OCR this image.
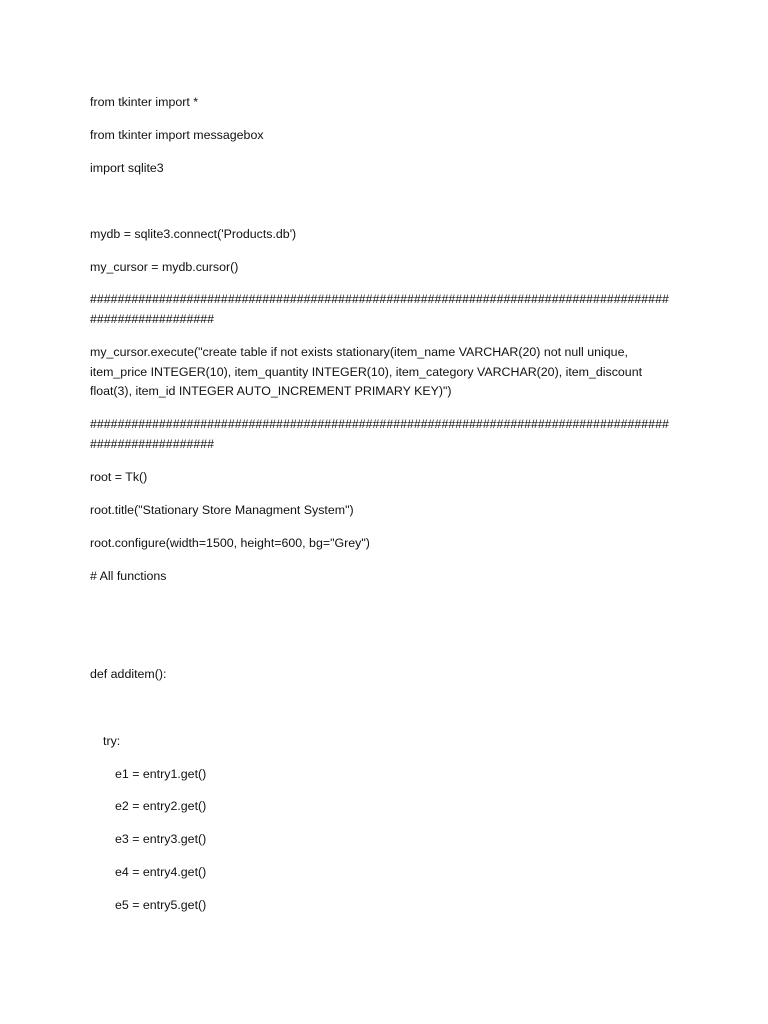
from tkinter import *
from tkinter import messagebox
import sqlite3
mydb = sqlite3.connect('Products.db')
my_cursor = mydb.cursor()
######################################################################################################
my_cursor.execute("create table if not exists stationary(item_name VARCHAR(20) not null unique,
item_price INTEGER(10), item_quantity INTEGER(10), item_category VARCHAR(20), item_discount
float(3), item_id INTEGER AUTO_INCREMENT PRIMARY KEY)")
######################################################################################################
root = Tk()
root.title("Stationary Store Managment System")
root.configure(width=1500, height=600, bg="Grey")
# All functions
def additem():
try:
e1 = entry1.get()
e2 = entry2.get()
e3 = entry3.get()
e4 = entry4.get()
e5 = entry5.get()
